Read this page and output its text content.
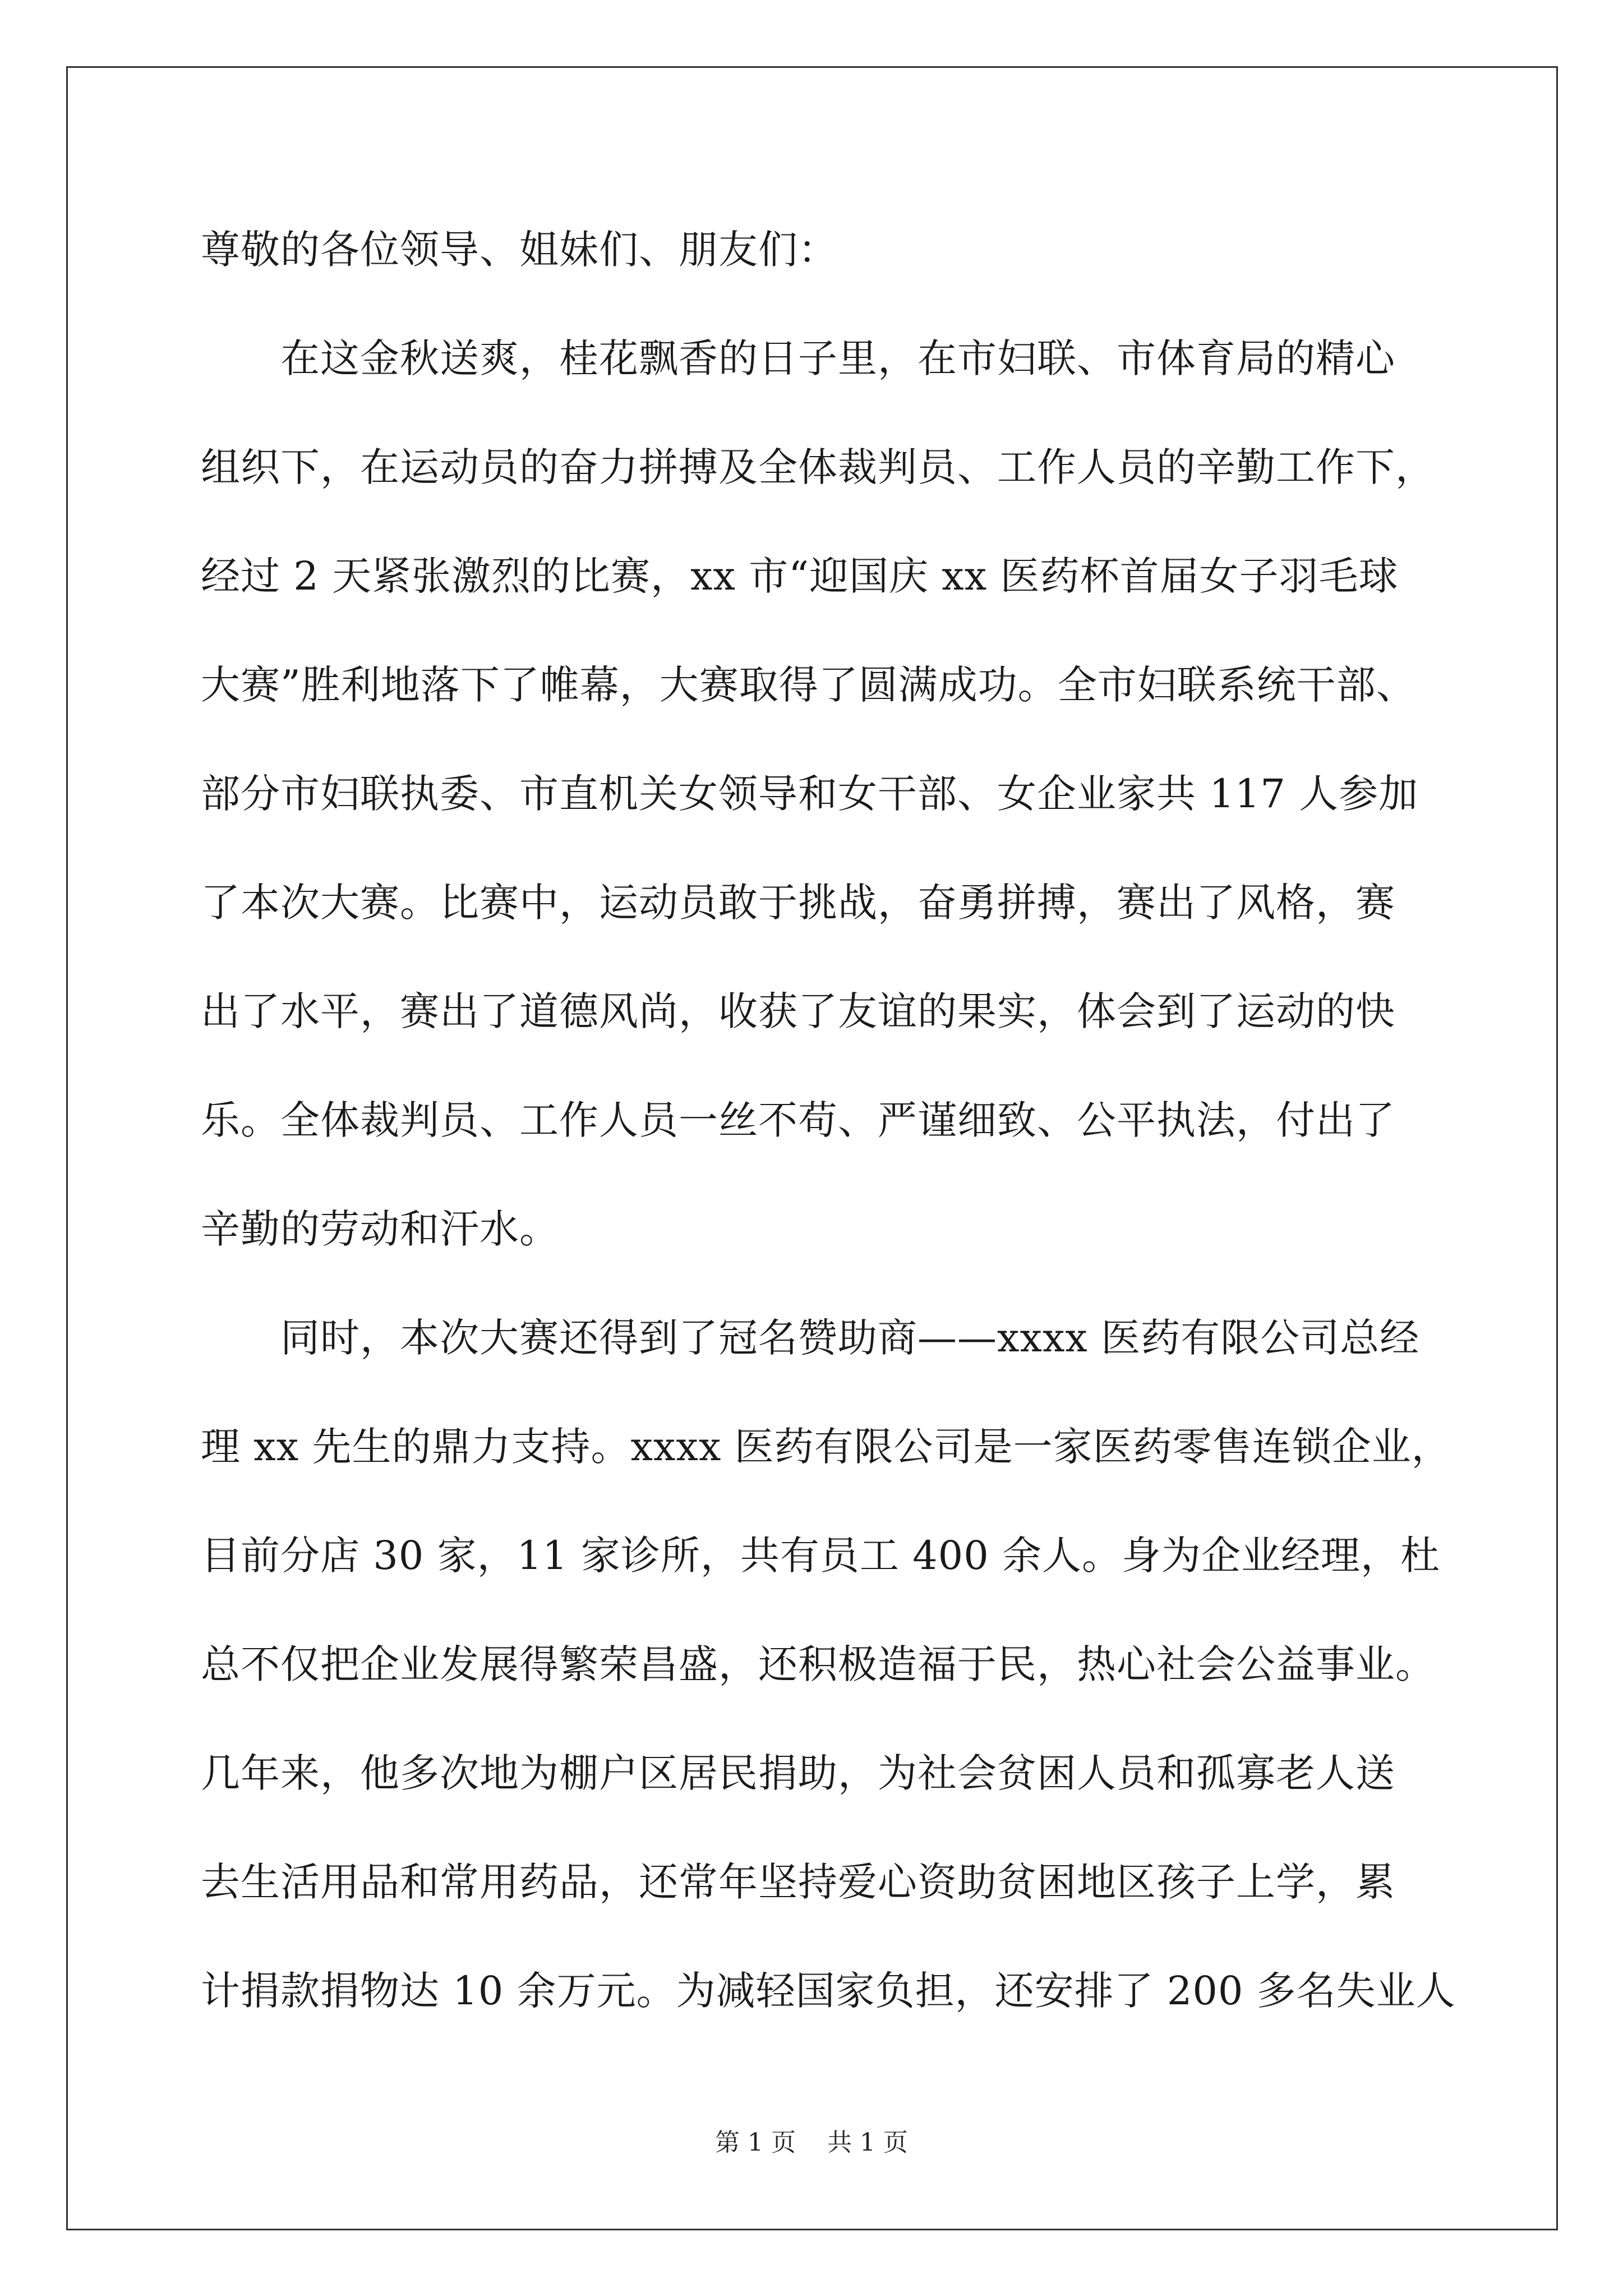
尊敬的各位领导、姐妹们、朋友们：
　　在这金秋送爽，桂花飘香的日子里，在市妇联、市体育局的精心
组织下，在运动员的奋力拼搏及全体裁判员、工作人员的辛勤工作下，
经过 2 天紧张激烈的比赛，xx 市“迎国庆 xx 医药杯首届女子羽毛球
大赛”胜利地落下了帷幕，大赛取得了圆满成功。全市妇联系统干部、
部分市妇联执委、市直机关女领导和女干部、女企业家共 117 人参加
了本次大赛。比赛中，运动员敢于挑战，奋勇拼搏，赛出了风格，赛
出了水平，赛出了道德风尚，收获了友谊的果实，体会到了运动的快
乐。全体裁判员、工作人员一丝不苟、严谨细致、公平执法，付出了
辛勤的劳动和汗水。
　　同时，本次大赛还得到了冠名赞助商——xxxx 医药有限公司总经
理 xx 先生的鼎力支持。xxxx 医药有限公司是一家医药零售连锁企业，
目前分店 30 家，11 家诊所，共有员工 400 余人。身为企业经理，杜
总不仅把企业发展得繁荣昌盛，还积极造福于民，热心社会公益事业。
几年来，他多次地为棚户区居民捐助，为社会贫困人员和孤寡老人送
去生活用品和常用药品，还常年坚持爱心资助贫困地区孩子上学，累
计捐款捐物达 10 余万元。为减轻国家负担，还安排了 200 多名失业人
第 1 页 共 1 页
